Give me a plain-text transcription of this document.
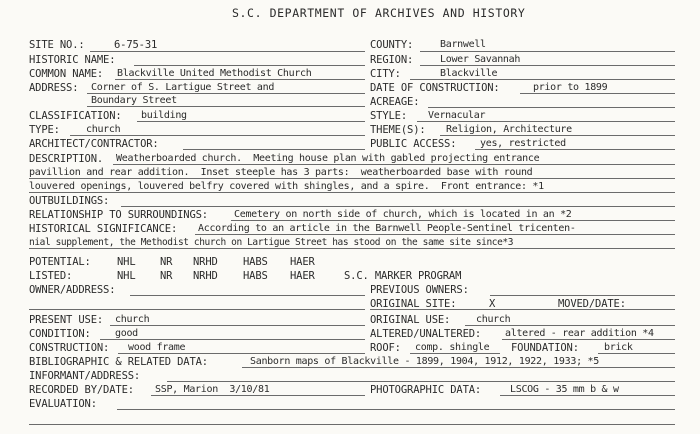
S.C. DEPARTMENT OF ARCHIVES AND HISTORY
SITE NO.:	6-75-31
HISTORIC NAME:
COMMON NAME: Blackville United Methodist Church
ADDRESS: Corner of S. Lartigue Street and
Boundary Street
CLASSIFICATION: building
TYPE:	church
ARCHITECT/CONTRACTOR:
COUNTY:	Barnwell
REGION:	Lower Savannah
CITY:	Blackville
DATE OF CONSTRUCTION:	prior to 1899
ACREAGE:
STYLE: Vernacular
THEME(S): Religion, Architecture
PUBLIC ACCESS: yes, restricted
DESCRIPTION. Weatherboarded church.  Meeting house plan with gabled projecting entrance
pavillion and rear addition.  Inset steeple has 3 parts:  weatherboarded base with round
louvered openings, louvered belfry covered with shingles, and a spire.  Front entrance: *1
OUTBUILDINGS:
RELATIONSHIP TO SURROUNDINGS:	Cemetery on north side of church, which is located in an *2
HISTORICAL SIGNIFICANCE: According to an article in the Barnwell People-Sentinel tricenten-
nial supplement, the Methodist church on Lartigue Street has stood on the same site since*3
POTENTIAL:	NHL NR NRHD HABS HAER
LISTED:	NHL NR NRHD HABS HAER	S.C. MARKER PROGRAM
OWNER/ADDRESS:
PRESENT USE: church
CONDITION: good
CONSTRUCTION: wood frame
PREVIOUS OWNERS:
ORIGINAL SITE:	X	MOVED/DATE:
ORIGINAL USE:	church
ALTERED/UNALTERED: altered - rear addition *4
ROOF: comp. shingle FOUNDATION:	brick
BIBLIOGRAPHIC & RELATED DATA:	Sanborn maps of Blackville - 1899, 1904, 1912, 1922, 1933; *5
INFORMANT/ADDRESS:
RECORDED BY/DATE: SSP, Marion  3/10/81	PHOTOGRAPHIC DATA:	LSCOG - 35 mm b & w
EVALUATION:
